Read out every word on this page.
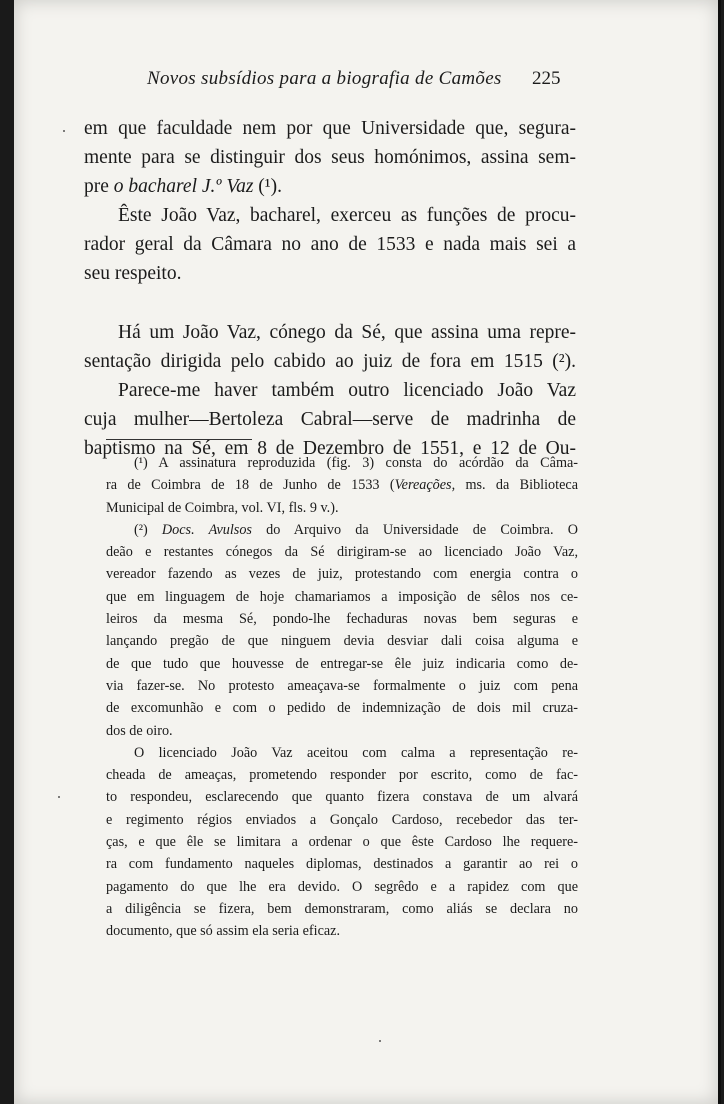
Novos subsídios para a biografia de Camões 225
em que faculdade nem por que Universidade que, segura-
mente para se distinguir dos seus homónimos, assina sem-
pre o bacharel J.º Vaz (¹).
Êste João Vaz, bacharel, exerceu as funções de procu-
rador geral da Câmara no ano de 1533 e nada mais sei a
seu respeito.
Há um João Vaz, cónego da Sé, que assina uma repre-
sentação dirigida pelo cabido ao juiz de fora em 1515 (²).
Parece-me haver também outro licenciado João Vaz
cuja mulher—Bertoleza Cabral—serve de madrinha de
baptismo na Sé, em 8 de Dezembro de 1551, e 12 de Ou-
(¹) A assinatura reproduzida (fig. 3) consta do acórdão da Câma-
ra de Coimbra de 18 de Junho de 1533 (Vereações, ms. da Biblioteca
Municipal de Coimbra, vol. VI, fls. 9 v.).
(²) Docs. Avulsos do Arquivo da Universidade de Coimbra. O
deão e restantes cónegos da Sé dirigiram-se ao licenciado João Vaz,
vereador fazendo as vezes de juiz, protestando com energia contra o
que em linguagem de hoje chamariamos a imposição de sêlos nos ce-
leiros da mesma Sé, pondo-lhe fechaduras novas bem seguras e
lançando pregão de que ninguem devia desviar dali coisa alguma e
de que tudo que houvesse de entregar-se êle juiz indicaria como de-
via fazer-se. No protesto ameaçava-se formalmente o juiz com pena
de excomunhão e com o pedido de indemnização de dois mil cruza-
dos de oiro.
O licenciado João Vaz aceitou com calma a representação re-
cheada de ameaças, prometendo responder por escrito, como de fac-
to respondeu, esclarecendo que quanto fizera constava de um alvará
e regimento régios enviados a Gonçalo Cardoso, recebedor das ter-
ças, e que êle se limitara a ordenar o que êste Cardoso lhe requere-
ra com fundamento naqueles diplomas, destinados a garantir ao rei o
pagamento do que lhe era devido. O segrêdo e a rapidez com que
a diligência se fizera, bem demonstraram, como aliás se declara no
documento, que só assim ela seria eficaz.
